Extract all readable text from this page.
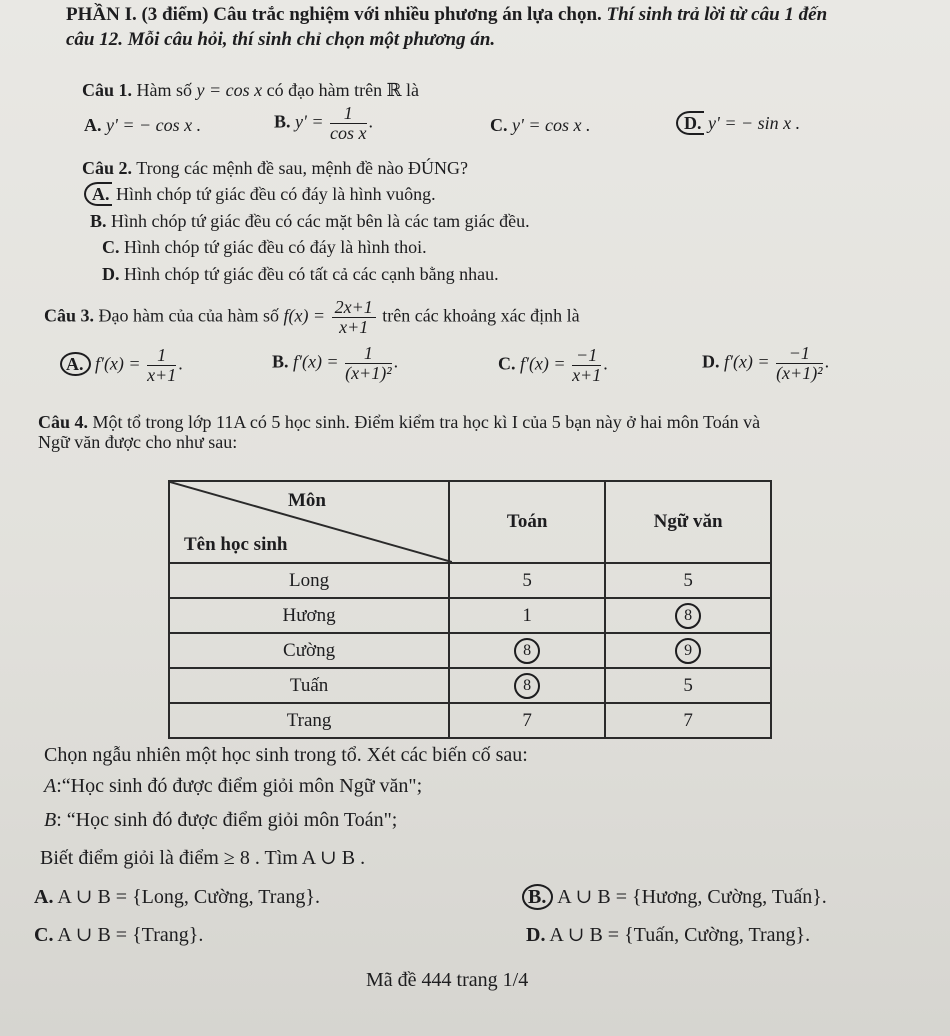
PHẦN I. (3 điểm) Câu trắc nghiệm với nhiều phương án lựa chọn. Thí sinh trả lời từ câu 1 đến
câu 12. Mỗi câu hỏi, thí sinh chỉ chọn một phương án.
Câu 1. Hàm số y = cos x có đạo hàm trên ℝ là
A. y' = − cos x .	B. $y' = \frac{1}{\text{cos x}}$ .	C. y' = cos x .	D. y' = − sin x .
Câu 2. Trong các mệnh đề sau, mệnh đề nào ĐÚNG?
A. Hình chóp tứ giác đều có đáy là hình vuông.
B. Hình chóp tứ giác đều có các mặt bên là các tam giác đều.
C. Hình chóp tứ giác đều có đáy là hình thoi.
D. Hình chóp tứ giác đều có tất cả các cạnh bằng nhau.
Câu 3. Đạo hàm của của hàm số $f(x) = \frac{2x+1}{x+1}$ trên các khoảng xác định là
A. $f'(x) = \frac{1}{x+1}$ .	B. $f'(x) = \frac{1}{\text{(x+1)²}}$ .	C. $f'(x) = \frac{-1}{x+1}$ .	D. $f'(x) = \frac{-1}{\text{(x+1)²}}$ .
Câu 4. Một tổ trong lớp 11A có 5 học sinh. Điểm kiểm tra học kì I của 5 bạn này ở hai môn Toán và
Ngữ văn được cho như sau:
Môn
Tên học sinh	Toán	Ngữ văn
Long	5	5
Hương	1	8
Cường	8	9
Tuấn	8	5
Trang	7	7
Chọn ngẫu nhiên một học sinh trong tổ. Xét các biến cố sau:
A:“Học sinh đó được điểm giỏi môn Ngữ văn";
B: “Học sinh đó được điểm giỏi môn Toán";
Biết điểm giỏi là điểm ≥ 8 . Tìm A ∪ B .
A. A ∪ B = {Long, Cường, Trang}.	B. A ∪ B = {Hương, Cường, Tuấn}.
C. A ∪ B = {Trang}.	D. A ∪ B = {Tuấn, Cường, Trang}.
Mã đề 444 trang 1/4
